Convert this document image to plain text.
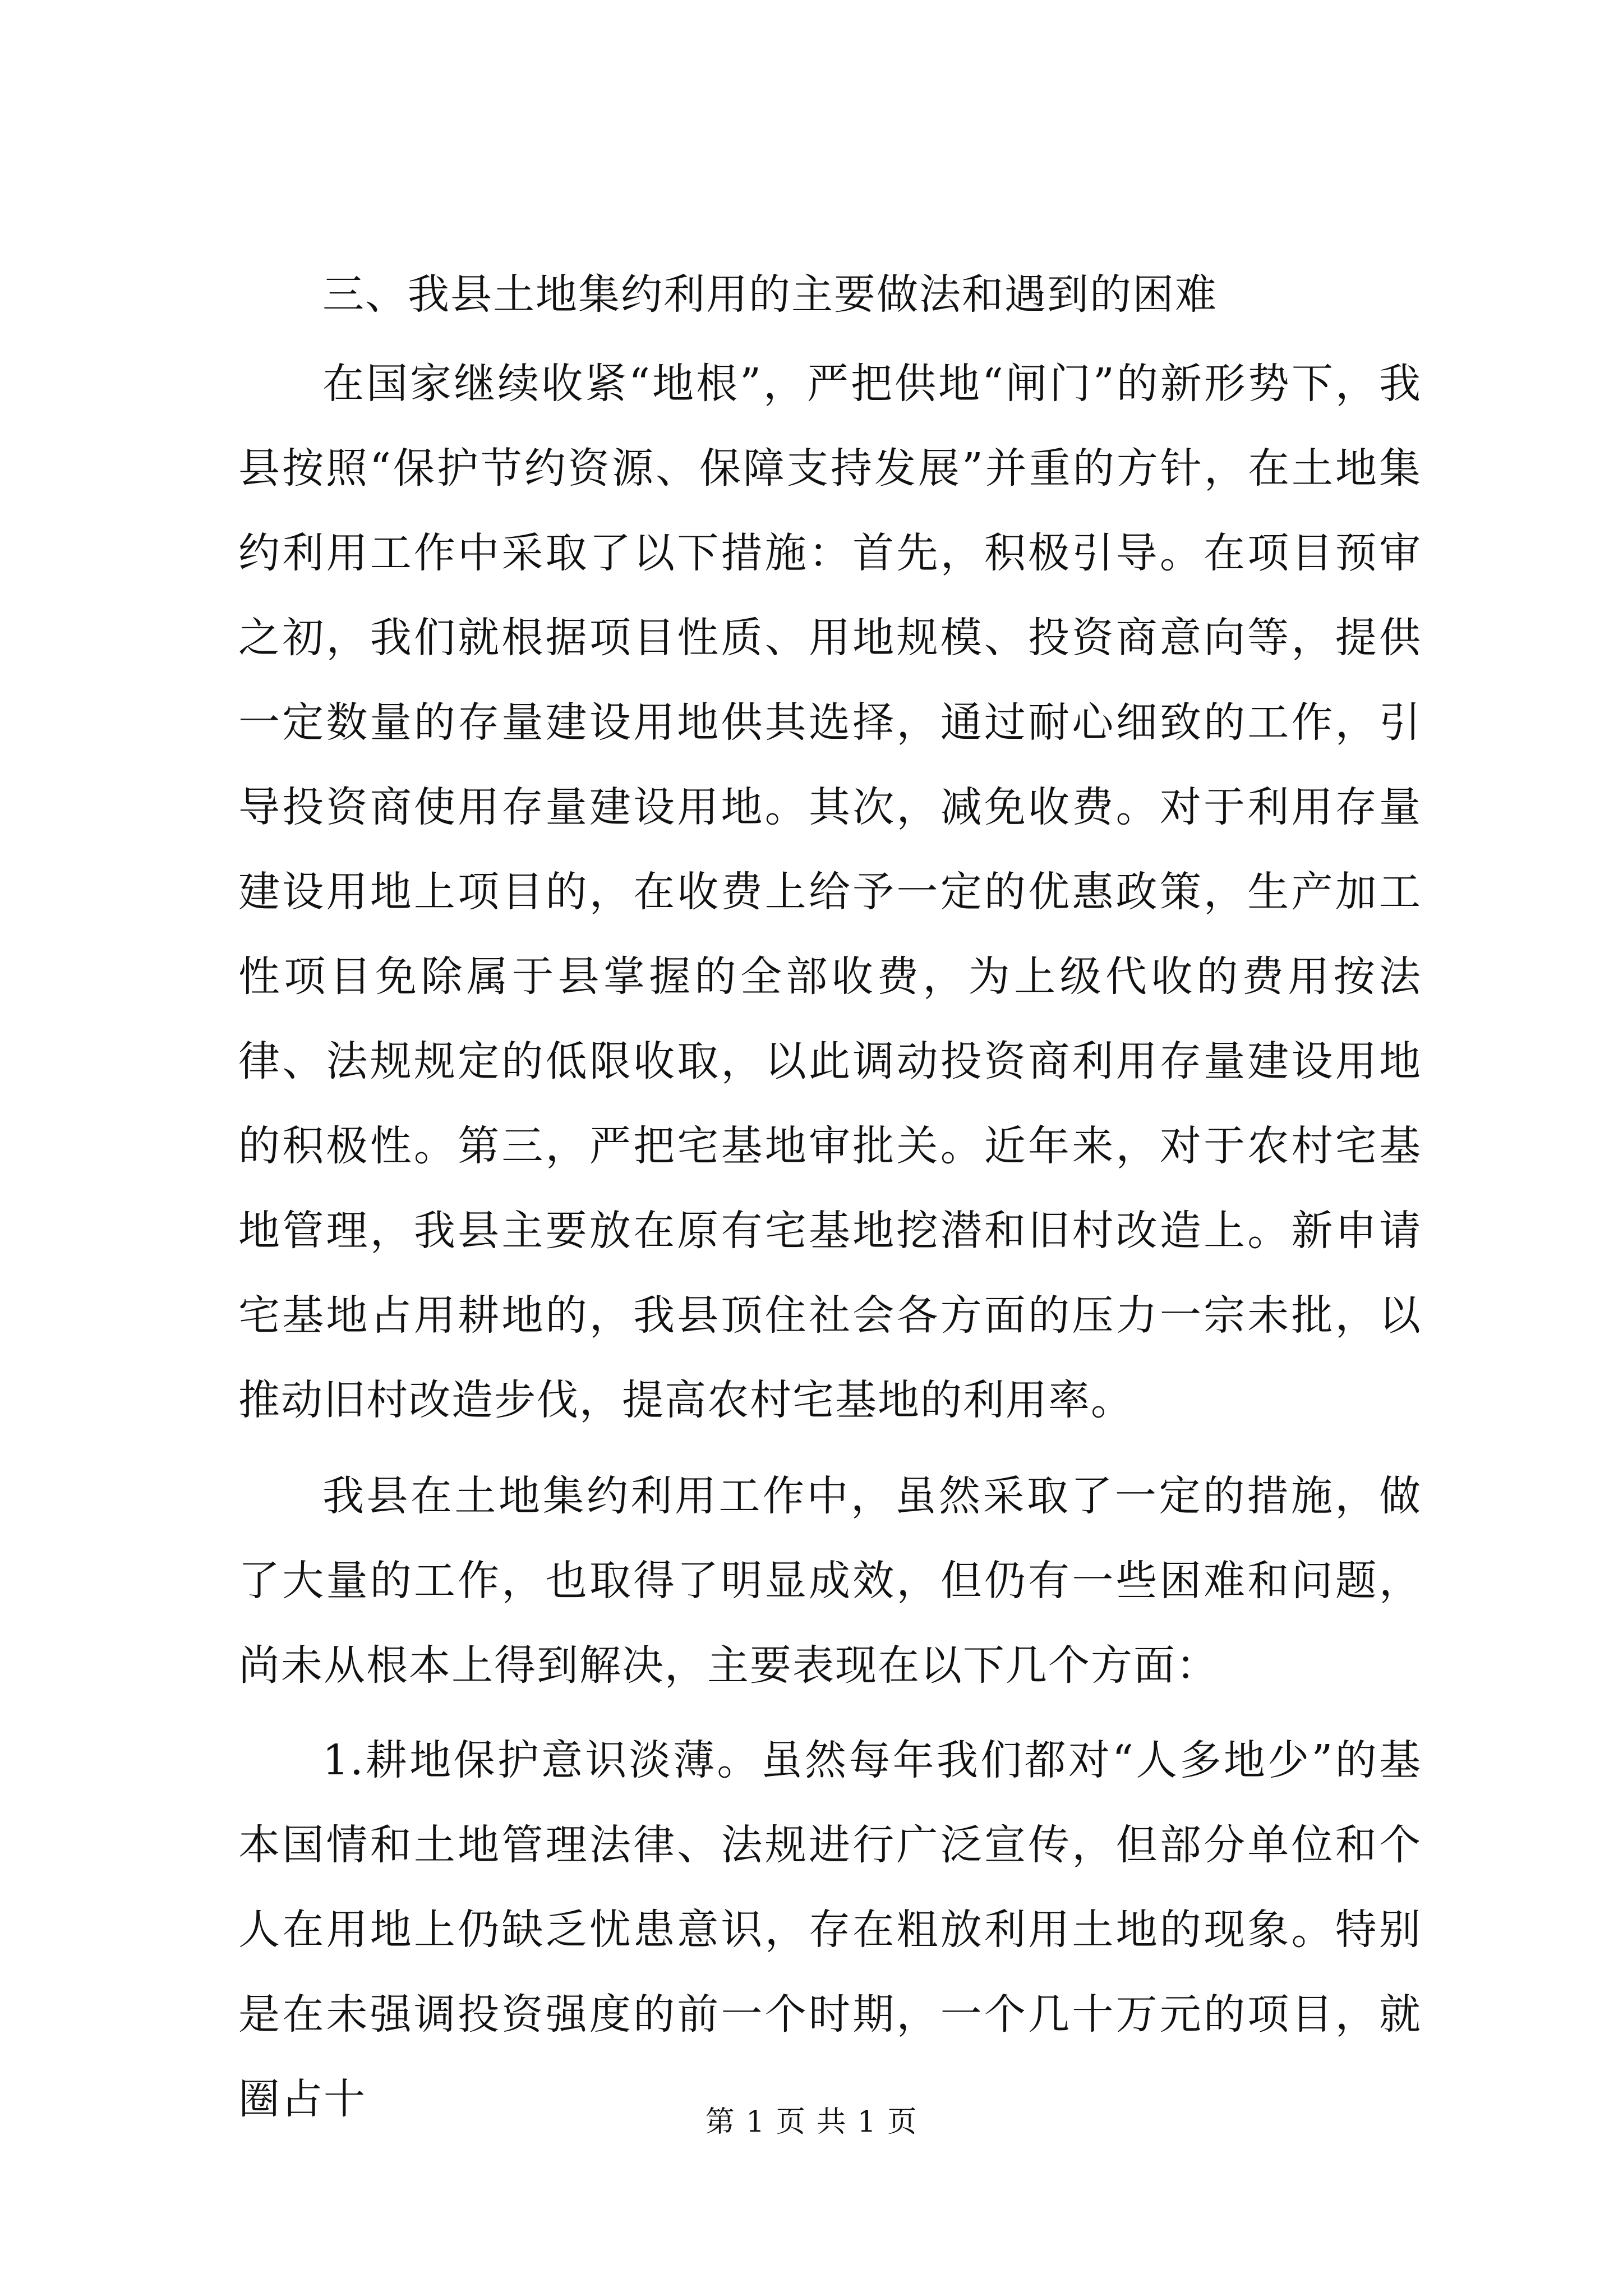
三、我县土地集约利用的主要做法和遇到的困难

在国家继续收紧“地根”，严把供地“闸门”的新形势下，我县按照“保护节约资源、保障支持发展”并重的方针，在土地集约利用工作中采取了以下措施：首先，积极引导。在项目预审之初，我们就根据项目性质、用地规模、投资商意向等，提供一定数量的存量建设用地供其选择，通过耐心细致的工作，引导投资商使用存量建设用地。其次，减免收费。对于利用存量建设用地上项目的，在收费上给予一定的优惠政策，生产加工性项目免除属于县掌握的全部收费，为上级代收的费用按法律、法规规定的低限收取，以此调动投资商利用存量建设用地的积极性。第三，严把宅基地审批关。近年来，对于农村宅基地管理，我县主要放在原有宅基地挖潜和旧村改造上。新申请宅基地占用耕地的，我县顶住社会各方面的压力一宗未批，以推动旧村改造步伐，提高农村宅基地的利用率。

我县在土地集约利用工作中，虽然采取了一定的措施，做了大量的工作，也取得了明显成效，但仍有一些困难和问题，尚未从根本上得到解决，主要表现在以下几个方面：

1.耕地保护意识淡薄。虽然每年我们都对“人多地少”的基本国情和土地管理法律、法规进行广泛宣传，但部分单位和个人在用地上仍缺乏忧患意识，存在粗放利用土地的现象。特别是在未强调投资强度的前一个时期，一个几十万元的项目，就圈占十	第 1 页 共 1 页
